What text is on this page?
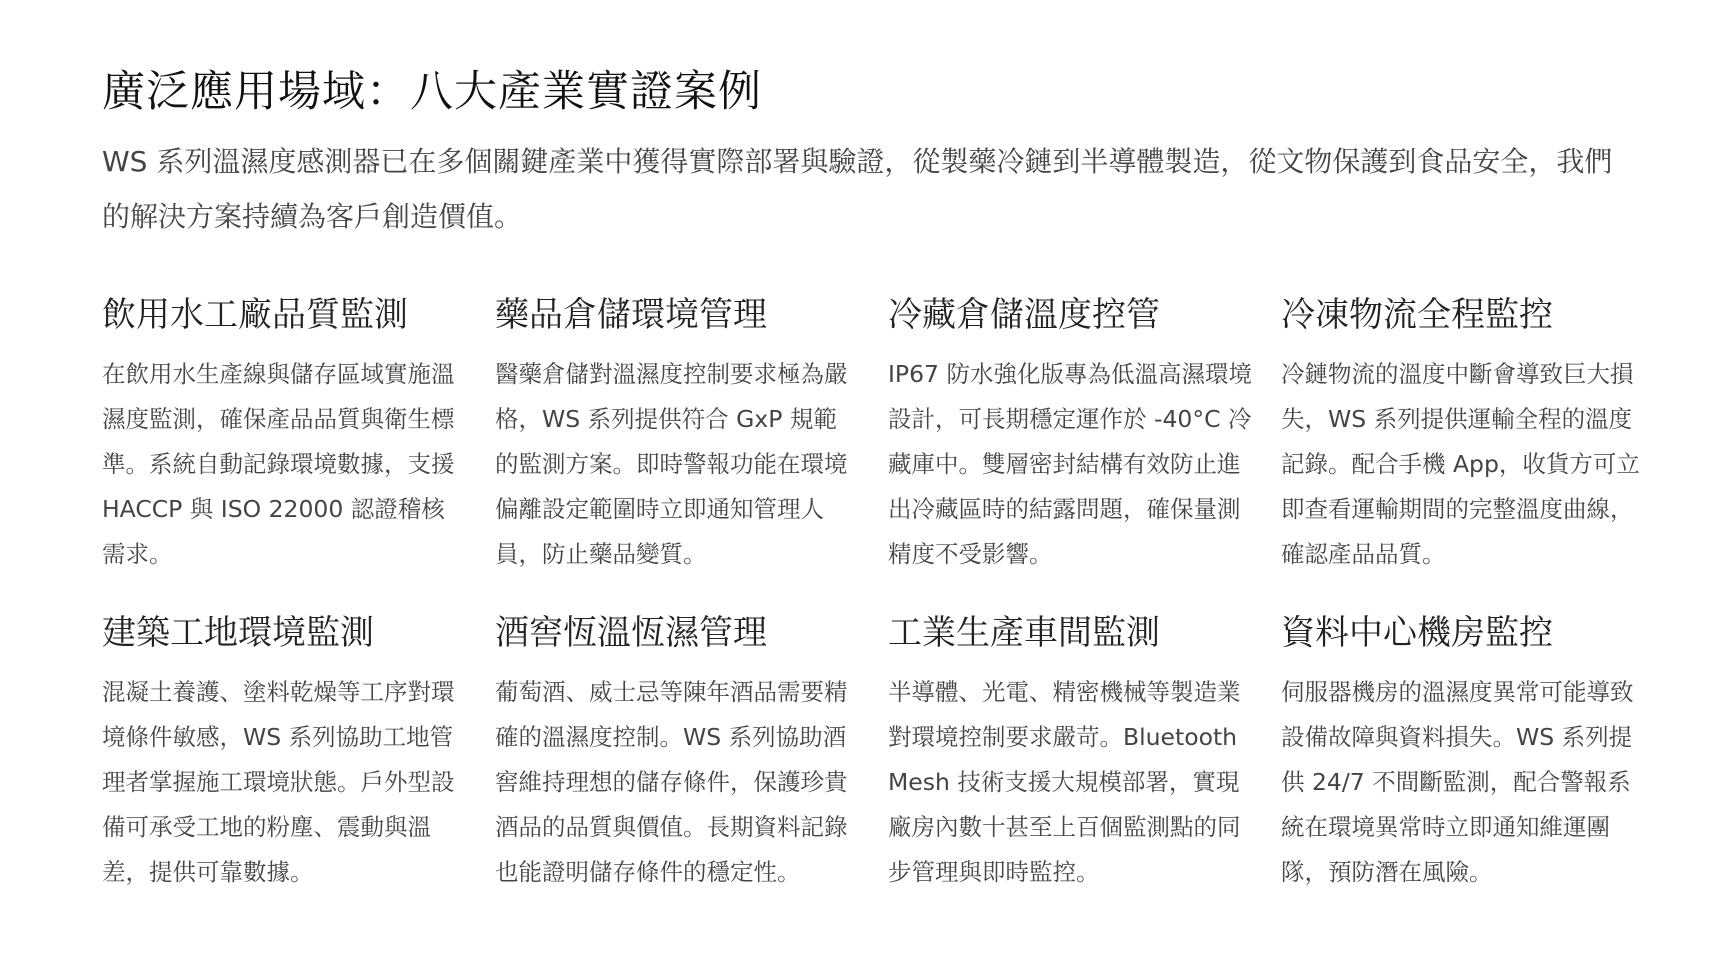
廣泛應用場域：八大產業實證案例

WS 系列溫濕度感測器已在多個關鍵產業中獲得實際部署與驗證，從製藥冷鏈到半導體製造，從文物保護到食品安全，我們的解決方案持續為客戶創造價值。

飲用水工廠品質監測

在飲用水生產線與儲存區域實施溫濕度監測，確保產品品質與衛生標準。系統自動記錄環境數據，支援 HACCP 與 ISO 22000 認證稽核需求。

藥品倉儲環境管理

醫藥倉儲對溫濕度控制要求極為嚴格，WS 系列提供符合 GxP 規範的監測方案。即時警報功能在環境偏離設定範圍時立即通知管理人員，防止藥品變質。

冷藏倉儲溫度控管

IP67 防水強化版專為低溫高濕環境設計，可長期穩定運作於 -40°C 冷藏庫中。雙層密封結構有效防止進出冷藏區時的結露問題，確保量測精度不受影響。

冷凍物流全程監控

冷鏈物流的溫度中斷會導致巨大損失，WS 系列提供運輸全程的溫度記錄。配合手機 App，收貨方可立即查看運輸期間的完整溫度曲線，確認產品品質。

建築工地環境監測

混凝土養護、塗料乾燥等工序對環境條件敏感，WS 系列協助工地管理者掌握施工環境狀態。戶外型設備可承受工地的粉塵、震動與溫差，提供可靠數據。

酒窖恆溫恆濕管理

葡萄酒、威士忌等陳年酒品需要精確的溫濕度控制。WS 系列協助酒窖維持理想的儲存條件，保護珍貴酒品的品質與價值。長期資料記錄也能證明儲存條件的穩定性。

工業生產車間監測

半導體、光電、精密機械等製造業對環境控制要求嚴苛。Bluetooth Mesh 技術支援大規模部署，實現廠房內數十甚至上百個監測點的同步管理與即時監控。

資料中心機房監控

伺服器機房的溫濕度異常可能導致設備故障與資料損失。WS 系列提供 24/7 不間斷監測，配合警報系統在環境異常時立即通知維運團隊，預防潛在風險。
